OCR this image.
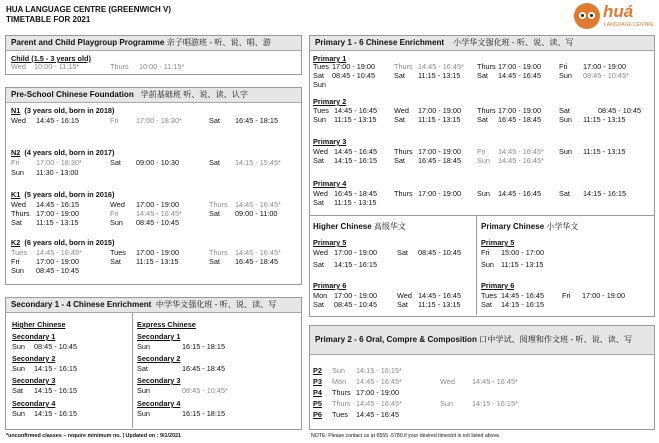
HUA LANGUAGE CENTRE (GREENWICH V)
TIMETABLE FOR 2021	huá
LANGUAGE CENTRE
Parent and Child Playgroup Programme 亲子唱游班 - 听、说、唱、游
Child (1.5 - 3 years old)
Wed 10:00 - 11:15*	Thurs 10:00 - 11:15*
Pre-School Chinese Foundation 学前基础班 听、说、读、认字
N1 (3 years old, born in 2018)
Wed 14:45 - 16:15	Fri 17:00 - 18:30*	Sat 16:45 - 18:15
N2 (4 years old, born in 2017)
Fri 17:00 - 18:30*	Sat 09:00 - 10:30	Sat 14:15 - 15:45*
Sun 11:30 - 13:00
K1 (5 years old, born in 2016)
Wed 14:45 - 16:15	Wed 17:00 - 19:00	Thurs 14:45 - 16:45*
Thurs 17:00 - 19:00	Fri 14:45 - 16:45*	Sat 09:00 - 11:00
Sat 11:15 - 13:15	Sun 08:45 - 10:45
K2 (6 years old, born in 2015)
Tues 14:45 - 16:45*	Tues 17:00 - 19:00	Thurs 14:45 - 16:45*
Fri 17:00 - 19:00	Sat 11:15 - 13:15	Sat 16:45 - 18:45
Sun 08:45 - 10:45
Secondary 1 - 4 Chinese Enrichment 中学华文强化班 - 听、说、读、写
Higher Chinese	Express Chinese
Secondary 1
Sun 08:45 - 10:45
Secondary 2
Sun 14:15 - 16:15
Secondary 3
Sat 14:15 - 16:15
Secondary 4
Sun 14:15 - 16:15
Secondary 1
Sun	16:15 - 18:15
Secondary 2
Sat	16:45 - 18:45
Secondary 3
Sun	08:45 - 10:45*
Secondary 4
Sun	16:15 - 18:15
Primary 1 - 6 Chinese Enrichment 小学华文强化班 - 听、说、读、写
Primary 1
Tues 17:00 - 19:00	Thurs 14:45 - 16:45* Thurs 17:00 - 19:00 Fri 17:00 - 19:00
Sat 08:45 - 10:45	Sat 11:15 - 13:15 Sat 14:45 - 16:45 Sun 08:45 - 10:45*
Sun
Primary 2
Tues 14:45 - 16:45 Wed 17:00 - 19:00 Thurs 17:00 - 19:00 Sat	08:45 - 10:45
Sun 11:15 - 13:15 Sat 11:15 - 13:15 Sat 16:45 - 18:45 Sun 11:15 - 13:15
Primary 3
Wed 14:45 - 16:45 Thurs 17:00 - 19:00 Fri 14:45 - 16:45* Sun 11:15 - 13:15
Sat 14:15 - 16:15 Sat 16:45 - 18:45 Sun 14:45 - 16:45*
Primary 4
Wed 16:45 - 18:45 Thurs 17:00 - 19:00 Sun 14:45 - 16:45 Sat 14:15 - 16:15
Sat 11:15 - 13:15
Higher Chinese 高级华文
Primary 5
Wed 17:00 - 19:00	Sat 08:45 - 10:45
Sat 14:15 - 16:15
Primary 6
Mon 17:00 - 19:00	Wed 14:45 - 16:45
Sat 08:45 - 10:45	Sat 11:15 - 13:15
Primary Chinese 小学华文
Primary 5
Fri 15:00 - 17:00
Sun 11:15 - 13:15
Primary 6
Tues 14:45 - 16:45 Fri 17:00 - 19:00
Sat 14:15 - 16:15
Primary 2 - 6 Oral, Compre & Composition 口中学试、阅理和作文班 - 听、说、读、写
P2 Sun 14:15 - 16:15*
P3 Mon 14:45 - 16:45*	Wed 14:45 - 16:45*
P4 Thurs 17:00 - 19:00
P5 Thurs 14:45 - 16:45*	Sun	14:15 - 16:15*
P6 Tues 14:45 - 16:45
*unconfirmed classes – require minimum no. | Updated on : 9/1/2021	NOTE: Please contact us at 6555 -5780 if your desired timeslot is not listed above.
